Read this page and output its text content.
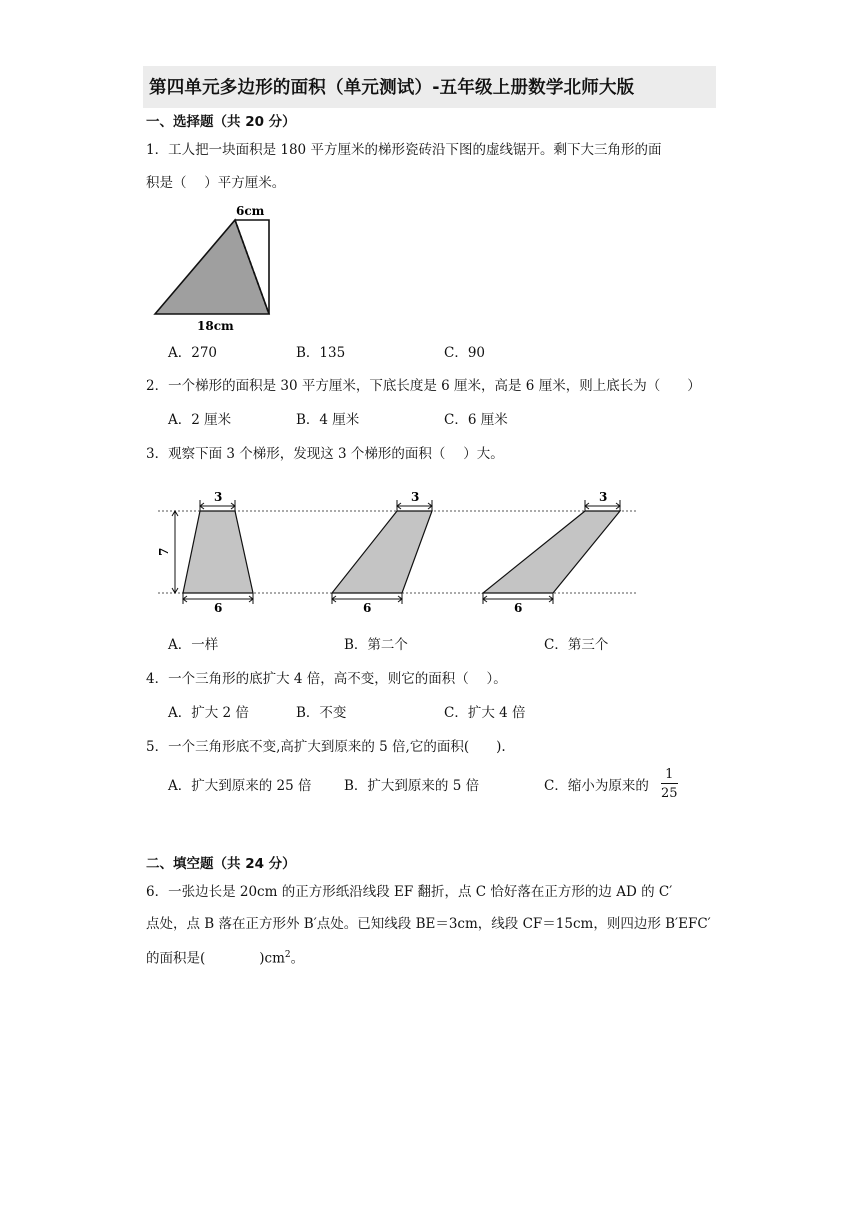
第四单元多边形的面积（单元测试）-五年级上册数学北师大版
一、选择题（共 20 分）
1．工人把一块面积是 180 平方厘米的梯形瓷砖沿下图的虚线锯开。剩下大三角形的面
积是（　 ）平方厘米。
6cm
18cm
A．270	B．135	C．90
2．一个梯形的面积是 30 平方厘米，下底长度是 6 厘米，高是 6 厘米，则上底长为（　　）
A．2 厘米	B．4 厘米	C．6 厘米
3．观察下面 3 个梯形，发现这 3 个梯形的面积（　 ）大。
7
3	3	3
6	6	6
A．一样	B．第二个	C．第三个
4．一个三角形的底扩大 4 倍，高不变，则它的面积（　 ）。
A．扩大 2 倍	B．不变	C．扩大 4 倍
5．一个三角形底不变,高扩大到原来的 5 倍,它的面积(　　).
A．扩大到原来的 25 倍 B．扩大到原来的 5 倍	C．缩小为原来的 $\frac{1}{25}$
二、填空题（共 24 分）
6．一张边长是 20cm 的正方形纸沿线段 EF 翻折，点 C 恰好落在正方形的边 AD 的 C′
点处，点 B 落在正方形外 B′点处。已知线段 BE＝3cm，线段 CF＝15cm，则四边形 B′EFC′
的面积是(　　　　)$cm^2$。
